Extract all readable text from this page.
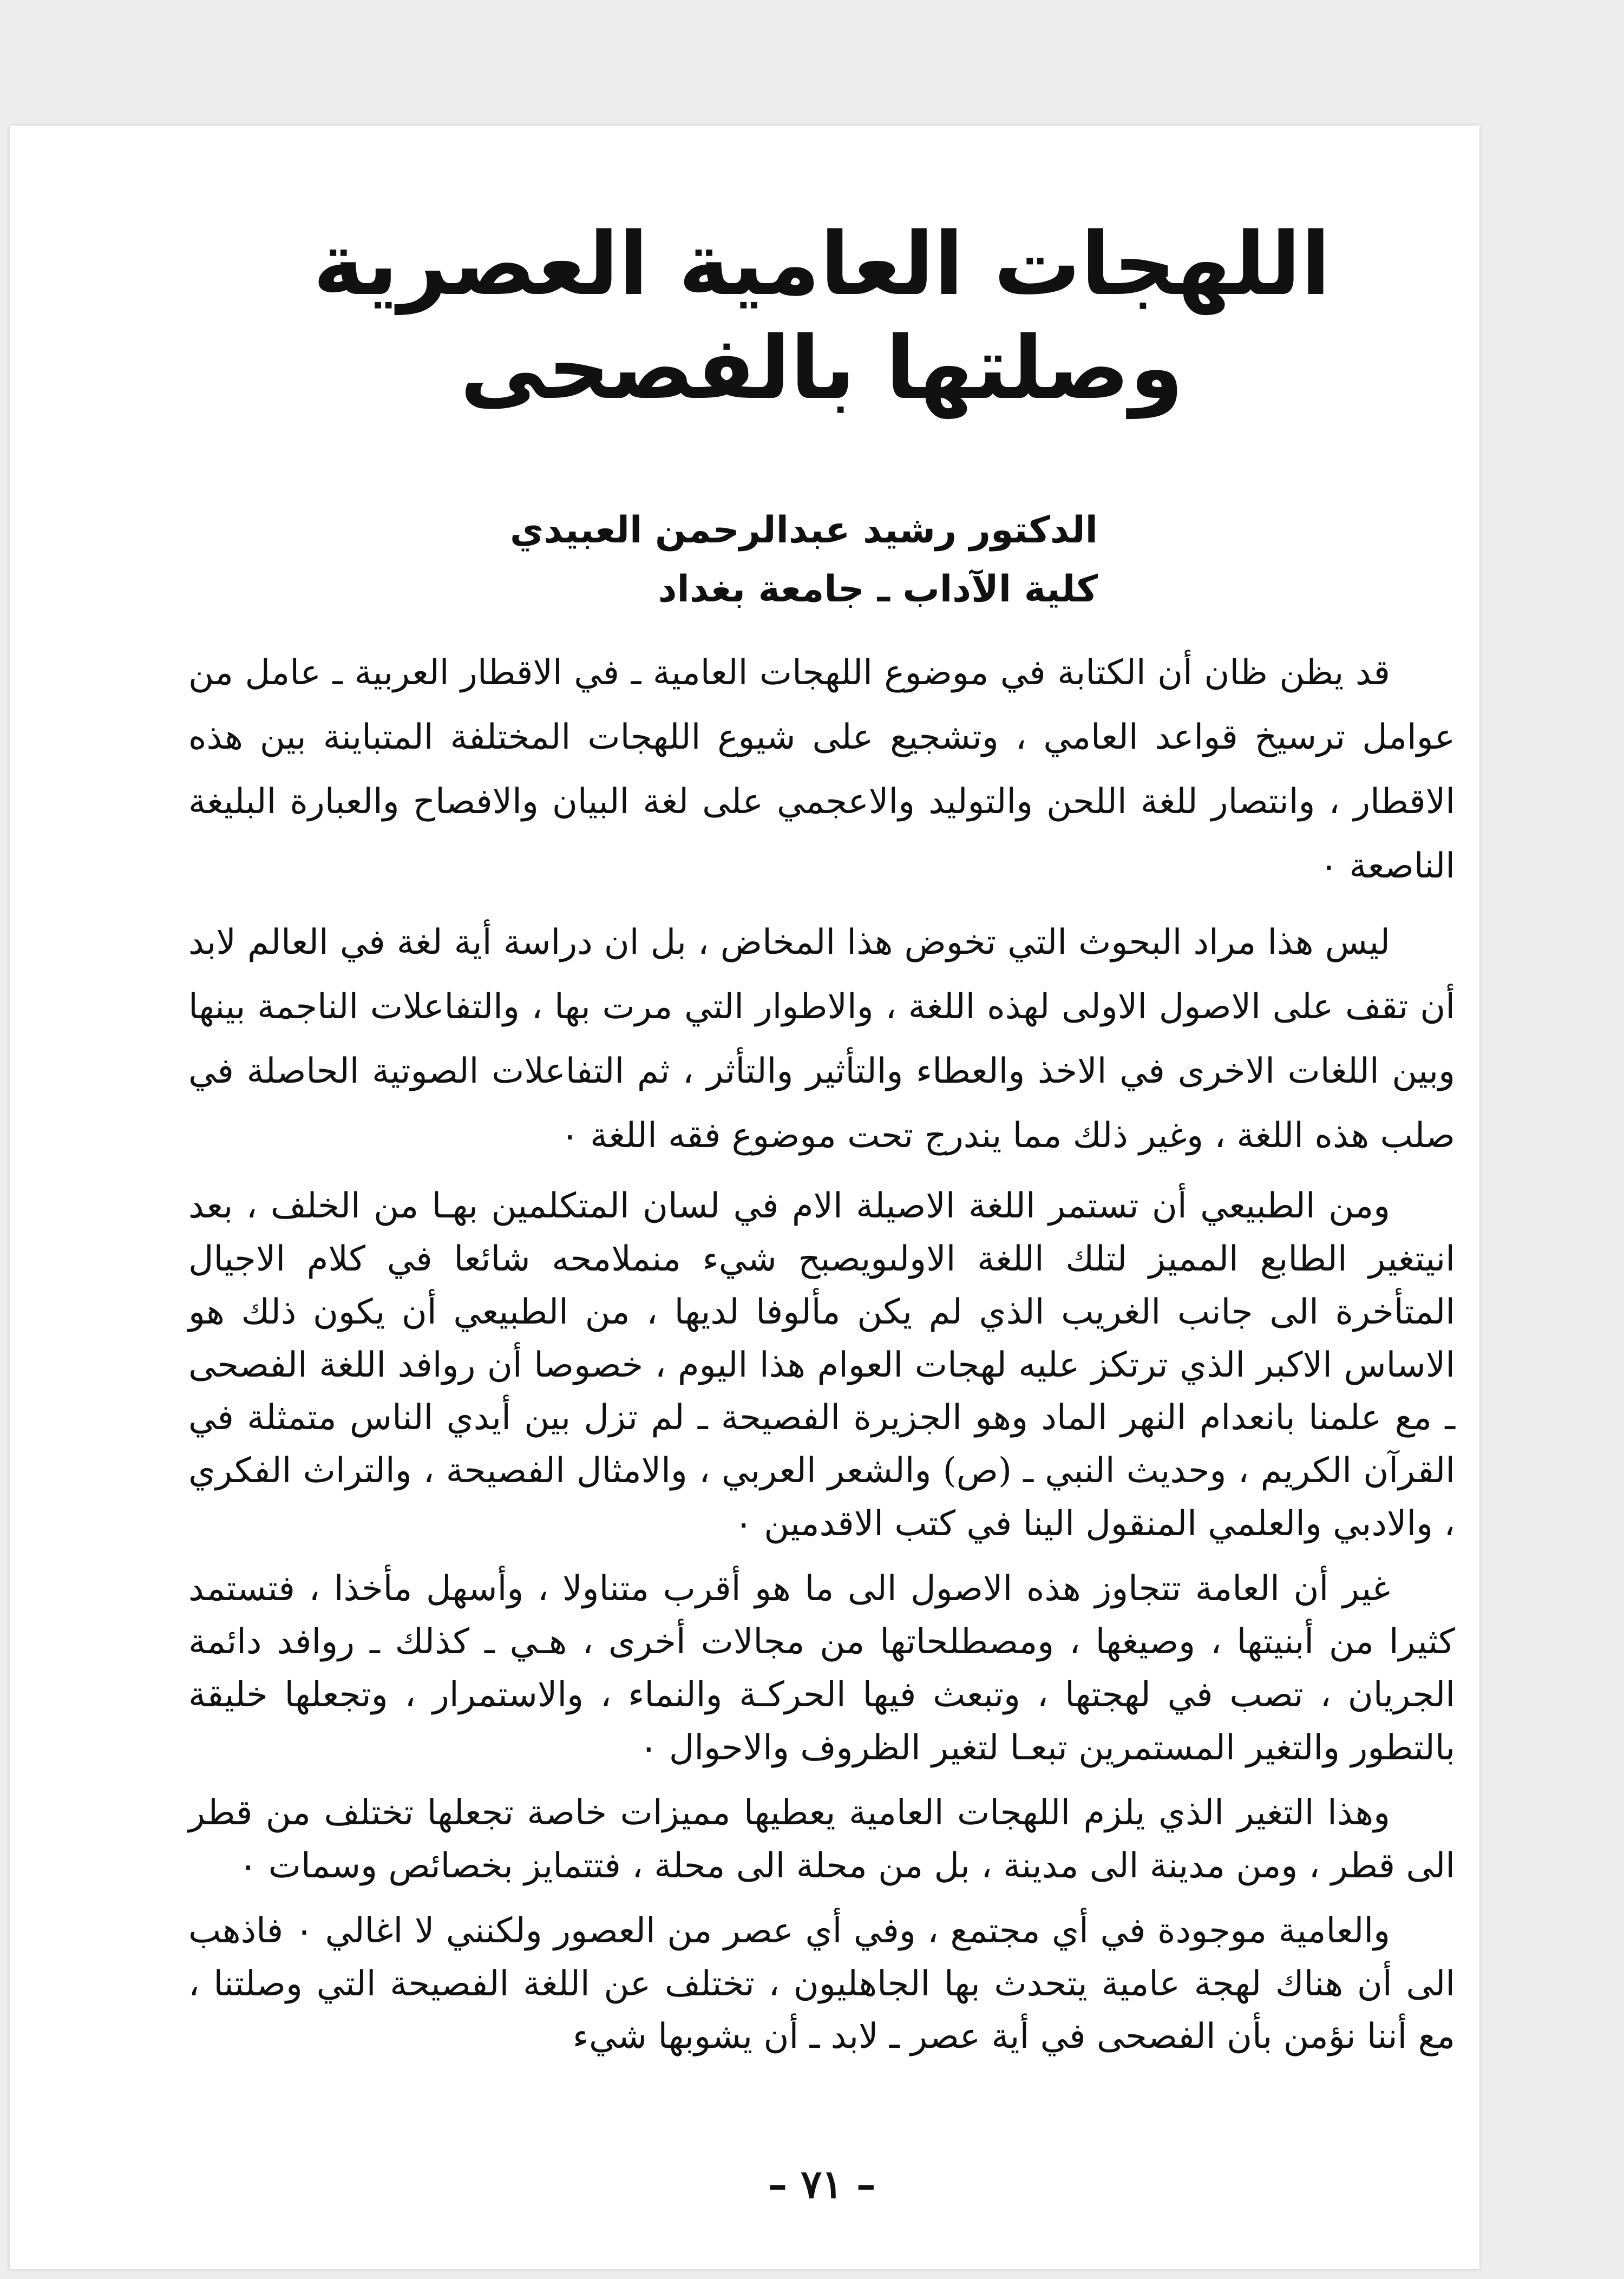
اللهجات العامية العصرية وصلتها بالفصحى
الدكتور رشيد عبدالرحمن العبيدي
كلية الآداب ـ جامعة بغداد

قد يظن ظان أن الكتابة في موضوع اللهجات العامية ـ في الاقطار العربية ـ عامل من عوامل ترسيخ قواعد العامي ، وتشجيع على شيوع اللهجات المختلفة المتباينة بين هذه الاقطار ، وانتصار للغة اللحن والتوليد والاعجمي على لغة البيان والافصاح والعبارة البليغة الناصعة ٠

ليس هذا مراد البحوث التي تخوض هذا المخاض ، بل ان دراسة أية لغة في العالم لابد أن تقف على الاصول الاولى لهذه اللغة ، والاطوار التي مرت بها ، والتفاعلات الناجمة بينها وبين اللغات الاخرى في الاخذ والعطاء والتأثير والتأثر ، ثم التفاعلات الصوتية الحاصلة في صلب هذه اللغة ، وغير ذلك مما يندرج تحت موضوع فقه اللغة ٠

ومن الطبيعي أن تستمر اللغة الاصيلة الام في لسان المتكلمين بهـا من الخلف ، بعد انيتغير الطابع المميز لتلك اللغة الاولىويصبح شيء منملامحه شائعا في كلام الاجيال المتأخرة الى جانب الغريب الذي لم يكن مألوفا لديها ، من الطبيعي أن يكون ذلك هو الاساس الاكبر الذي ترتكز عليه لهجات العوام هذا اليوم ، خصوصا أن روافد اللغة الفصحى ـ مع علمنا بانعدام النهر الماد وهو الجزيرة الفصيحة ـ لم تزل بين أيدي الناس متمثلة في القرآن الكريم ، وحديث النبي ـ (ص) والشعر العربي ، والامثال الفصيحة ، والتراث الفكري ، والادبي والعلمي المنقول الينا في كتب الاقدمين ٠

غير أن العامة تتجاوز هذه الاصول الى ما هو أقرب متناولا ، وأسهل مأخذا ، فتستمد كثيرا من أبنيتها ، وصيغها ، ومصطلحاتها من مجالات أخرى ، هـي ـ كذلك ـ روافد دائمة الجريان ، تصب في لهجتها ، وتبعث فيها الحركـة والنماء ، والاستمرار ، وتجعلها خليقة بالتطور والتغير المستمرين تبعـا لتغير الظروف والاحوال ٠

وهذا التغير الذي يلزم اللهجات العامية يعطيها مميزات خاصة تجعلها تختلف من قطر الى قطر ، ومن مدينة الى مدينة ، بل من محلة الى محلة ، فتتمايز بخصائص وسمات ٠

والعامية موجودة في أي مجتمع ، وفي أي عصر من العصور ولكنني لا اغالي ٠ فاذهب الى أن هناك لهجة عامية يتحدث بها الجاهليون ، تختلف عن اللغة الفصيحة التي وصلتنا ، مع أننا نؤمن بأن الفصحى في أية عصر ـ لابد ـ أن يشوبها شيء

– ٧١ –
